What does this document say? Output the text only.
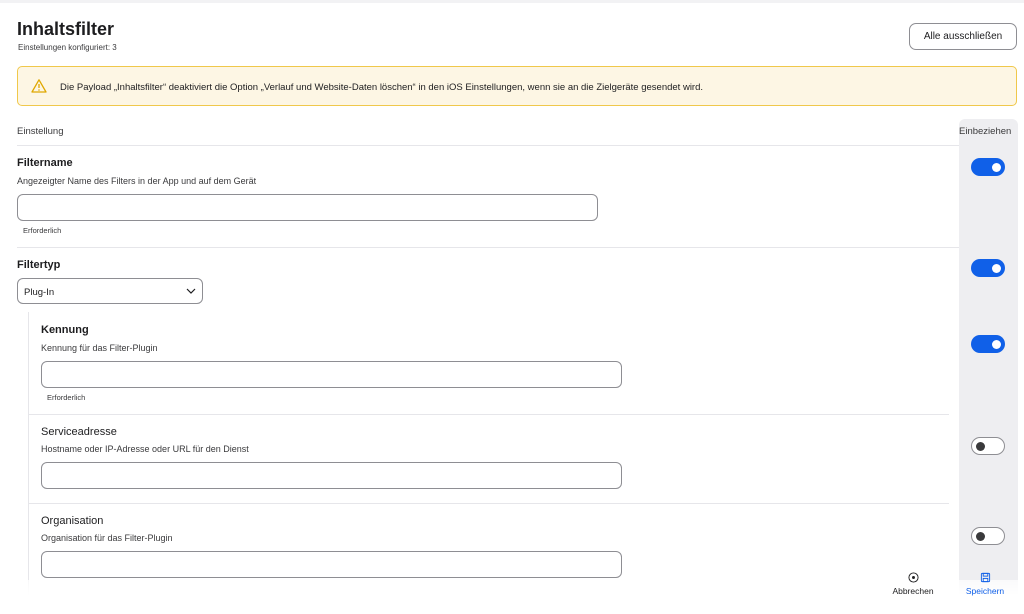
Inhaltsfilter
Einstellungen konfiguriert: 3
Alle ausschließen
Die Payload „Inhaltsfilter“ deaktiviert die Option „Verlauf und Website-Daten löschen“ in den iOS Einstellungen, wenn sie an die Zielgeräte gesendet wird.
Einstellung	Einbeziehen
Filtername
Angezeigter Name des Filters in der App und auf dem Gerät
Erforderlich
Filtertyp
Plug-In
Kennung
Kennung für das Filter-Plugin
Erforderlich
Serviceadresse
Hostname oder IP-Adresse oder URL für den Dienst
Organisation
Organisation für das Filter-Plugin
Abbrechen	Speichern
